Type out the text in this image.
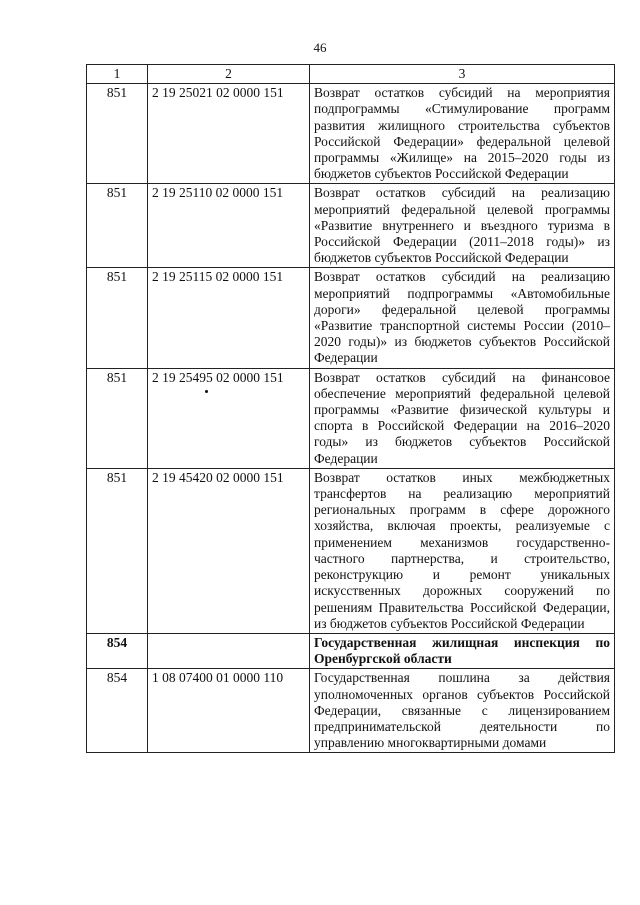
46
1	2	3
851	2 19 25021 02 0000 151	Возврат остатков субсидий на мероприятия подпрограммы «Стимулирование программ развития жилищного строительства субъектов Российской Федерации» федеральной целевой программы «Жилище» на 2015–2020 годы из бюджетов субъектов Российской Федерации
851	2 19 25110 02 0000 151	Возврат остатков субсидий на реализацию мероприятий федеральной целевой программы «Развитие внутреннего и въездного туризма в Российской Федерации (2011–2018 годы)» из бюджетов субъектов Российской Федерации
851	2 19 25115 02 0000 151	Возврат остатков субсидий на реализацию мероприятий подпрограммы «Автомобильные дороги» федеральной целевой программы «Развитие транспортной системы России (2010–2020 годы)» из бюджетов субъектов Российской Федерации
851	2 19 25495 02 0000 151	Возврат остатков субсидий на финансовое обеспечение мероприятий федеральной целевой программы «Развитие физической культуры и спорта в Российской Федерации на 2016–2020 годы» из бюджетов субъектов Российской Федерации
851	2 19 45420 02 0000 151	Возврат остатков иных межбюджетных трансфертов на реализацию мероприятий региональных программ в сфере дорожного хозяйства, включая проекты, реализуемые с применением механизмов государственно-частного партнерства, и строительство, реконструкцию и ремонт уникальных искусственных дорожных сооружений по решениям Правительства Российской Федерации, из бюджетов субъектов Российской Федерации
854		Государственная жилищная инспекция по Оренбургской области
854	1 08 07400 01 0000 110	Государственная пошлина за действия уполномоченных органов субъектов Российской Федерации, связанные с лицензированием предпринимательской деятельности по управлению многоквартирными домами
